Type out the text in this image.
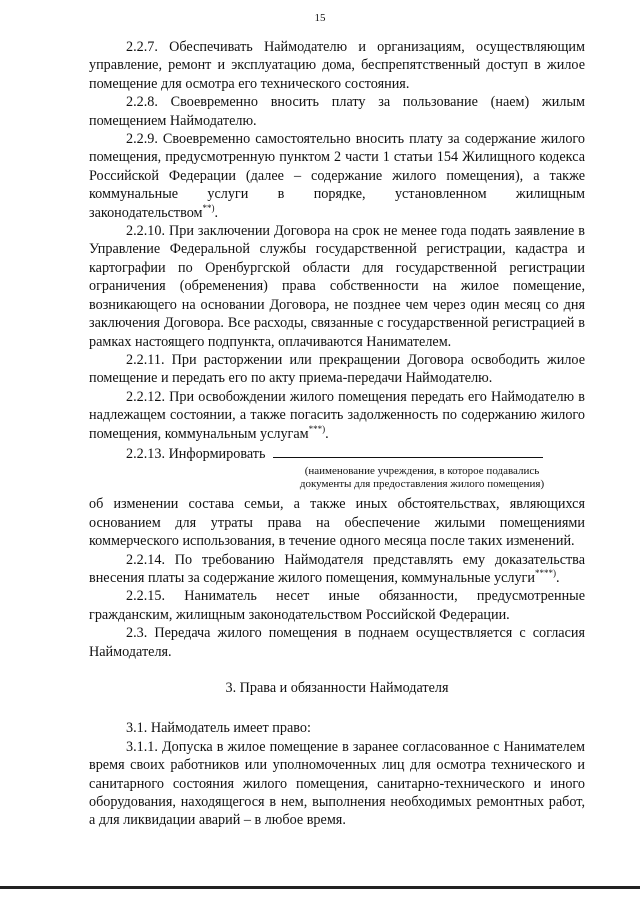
15

2.2.7. Обеспечивать Наймодателю и организациям, осуществляющим управление, ремонт и эксплуатацию дома, беспрепятственный доступ в жилое помещение для осмотра его технического состояния.

2.2.8. Своевременно вносить плату за пользование (наем) жилым помещением Наймодателю.

2.2.9. Своевременно самостоятельно вносить плату за содержание жилого помещения, предусмотренную пунктом 2 части 1 статьи 154 Жилищного кодекса Российской Федерации (далее – содержание жилого помещения), а также коммунальные услуги в порядке, установленном жилищным законодательством**).

2.2.10. При заключении Договора на срок не менее года подать заявление в Управление Федеральной службы государственной регистрации, кадастра и картографии по Оренбургской области для государственной регистрации ограничения (обременения) права собственности на жилое помещение, возникающего на основании Договора, не позднее чем через один месяц со дня заключения Договора. Все расходы, связанные с государственной регистрацией в рамках настоящего подпункта, оплачиваются Нанимателем.

2.2.11. При расторжении или прекращении Договора освободить жилое помещение и передать его по акту приема-передачи Наймодателю.

2.2.12. При освобождении жилого помещения передать его Наймодателю в надлежащем состоянии, а также погасить задолженность по содержанию жилого помещения, коммунальным услугам***).

2.2.13. Информировать
(наименование учреждения, в которое подавались
документы для предоставления жилого помещения)

об изменении состава семьи, а также иных обстоятельствах, являющихся основанием для утраты права на обеспечение жилыми помещениями коммерческого использования, в течение одного месяца после таких изменений.

2.2.14. По требованию Наймодателя представлять ему доказательства внесения платы за содержание жилого помещения, коммунальные услуги****).

2.2.15. Наниматель несет иные обязанности, предусмотренные гражданским, жилищным законодательством Российской Федерации.

2.3. Передача жилого помещения в поднаем осуществляется с согласия Наймодателя.

3. Права и обязанности Наймодателя

3.1. Наймодатель имеет право:

3.1.1. Допуска в жилое помещение в заранее согласованное с Нанимателем время своих работников или уполномоченных лиц для осмотра технического и санитарного состояния жилого помещения, санитарно-технического и иного оборудования, находящегося в нем, выполнения необходимых ремонтных работ, а для ликвидации аварий – в любое время.
